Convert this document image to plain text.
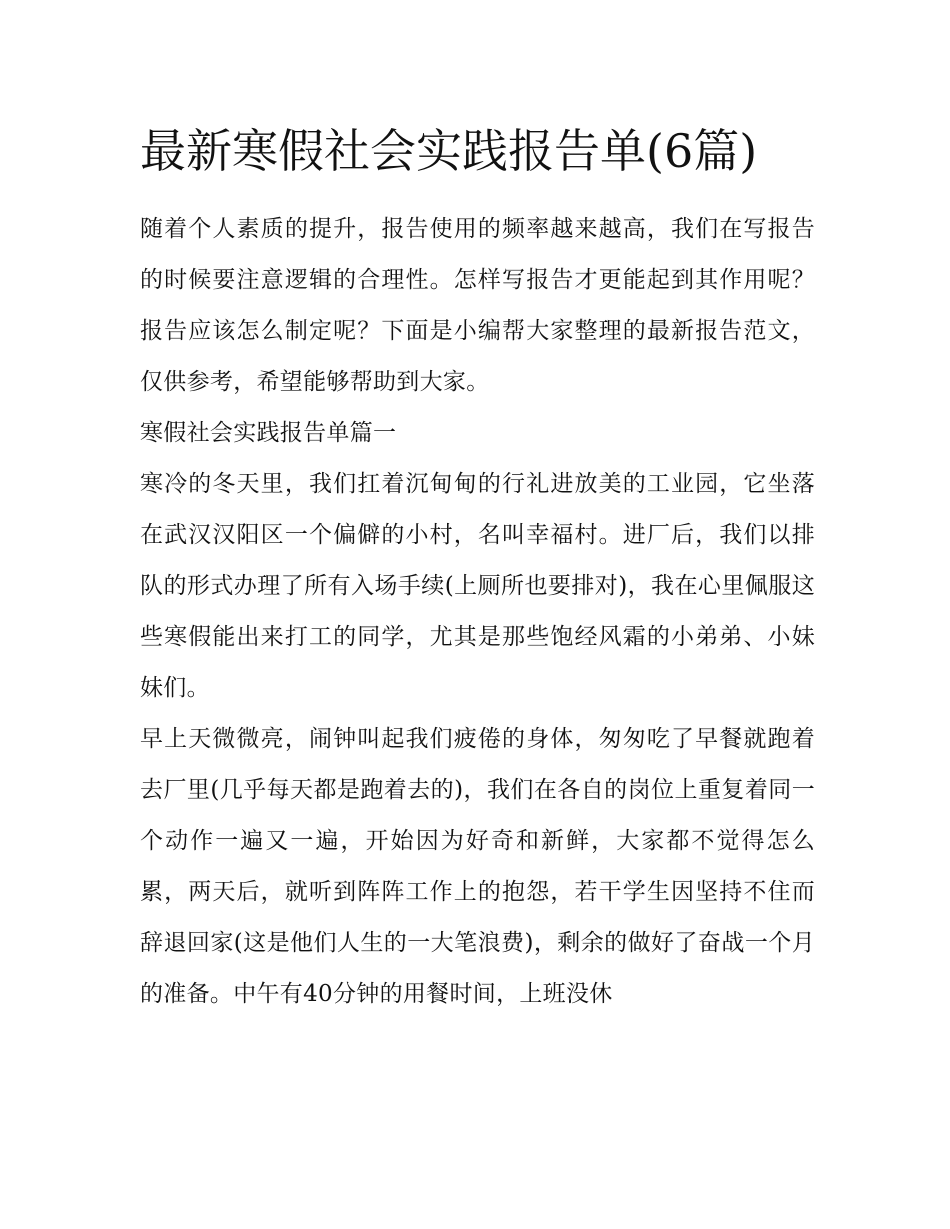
最新寒假社会实践报告单(6篇)

随着个人素质的提升，报告使用的频率越来越高，我们在写报告的时候要注意逻辑的合理性。怎样写报告才更能起到其作用呢？报告应该怎么制定呢？下面是小编帮大家整理的最新报告范文，仅供参考，希望能够帮助到大家。

寒假社会实践报告单篇一

寒冷的冬天里，我们扛着沉甸甸的行礼进放美的工业园，它坐落在武汉汉阳区一个偏僻的小村，名叫幸福村。进厂后，我们以排队的形式办理了所有入场手续(上厕所也要排对)，我在心里佩服这些寒假能出来打工的同学，尤其是那些饱经风霜的小弟弟、小妹妹们。

早上天微微亮，闹钟叫起我们疲倦的身体，匆匆吃了早餐就跑着去厂里(几乎每天都是跑着去的)，我们在各自的岗位上重复着同一个动作一遍又一遍，开始因为好奇和新鲜，大家都不觉得怎么累，两天后，就听到阵阵工作上的抱怨，若干学生因坚持不住而辞退回家(这是他们人生的一大笔浪费)，剩余的做好了奋战一个月的准备。中午有40分钟的用餐时间，上班没休
